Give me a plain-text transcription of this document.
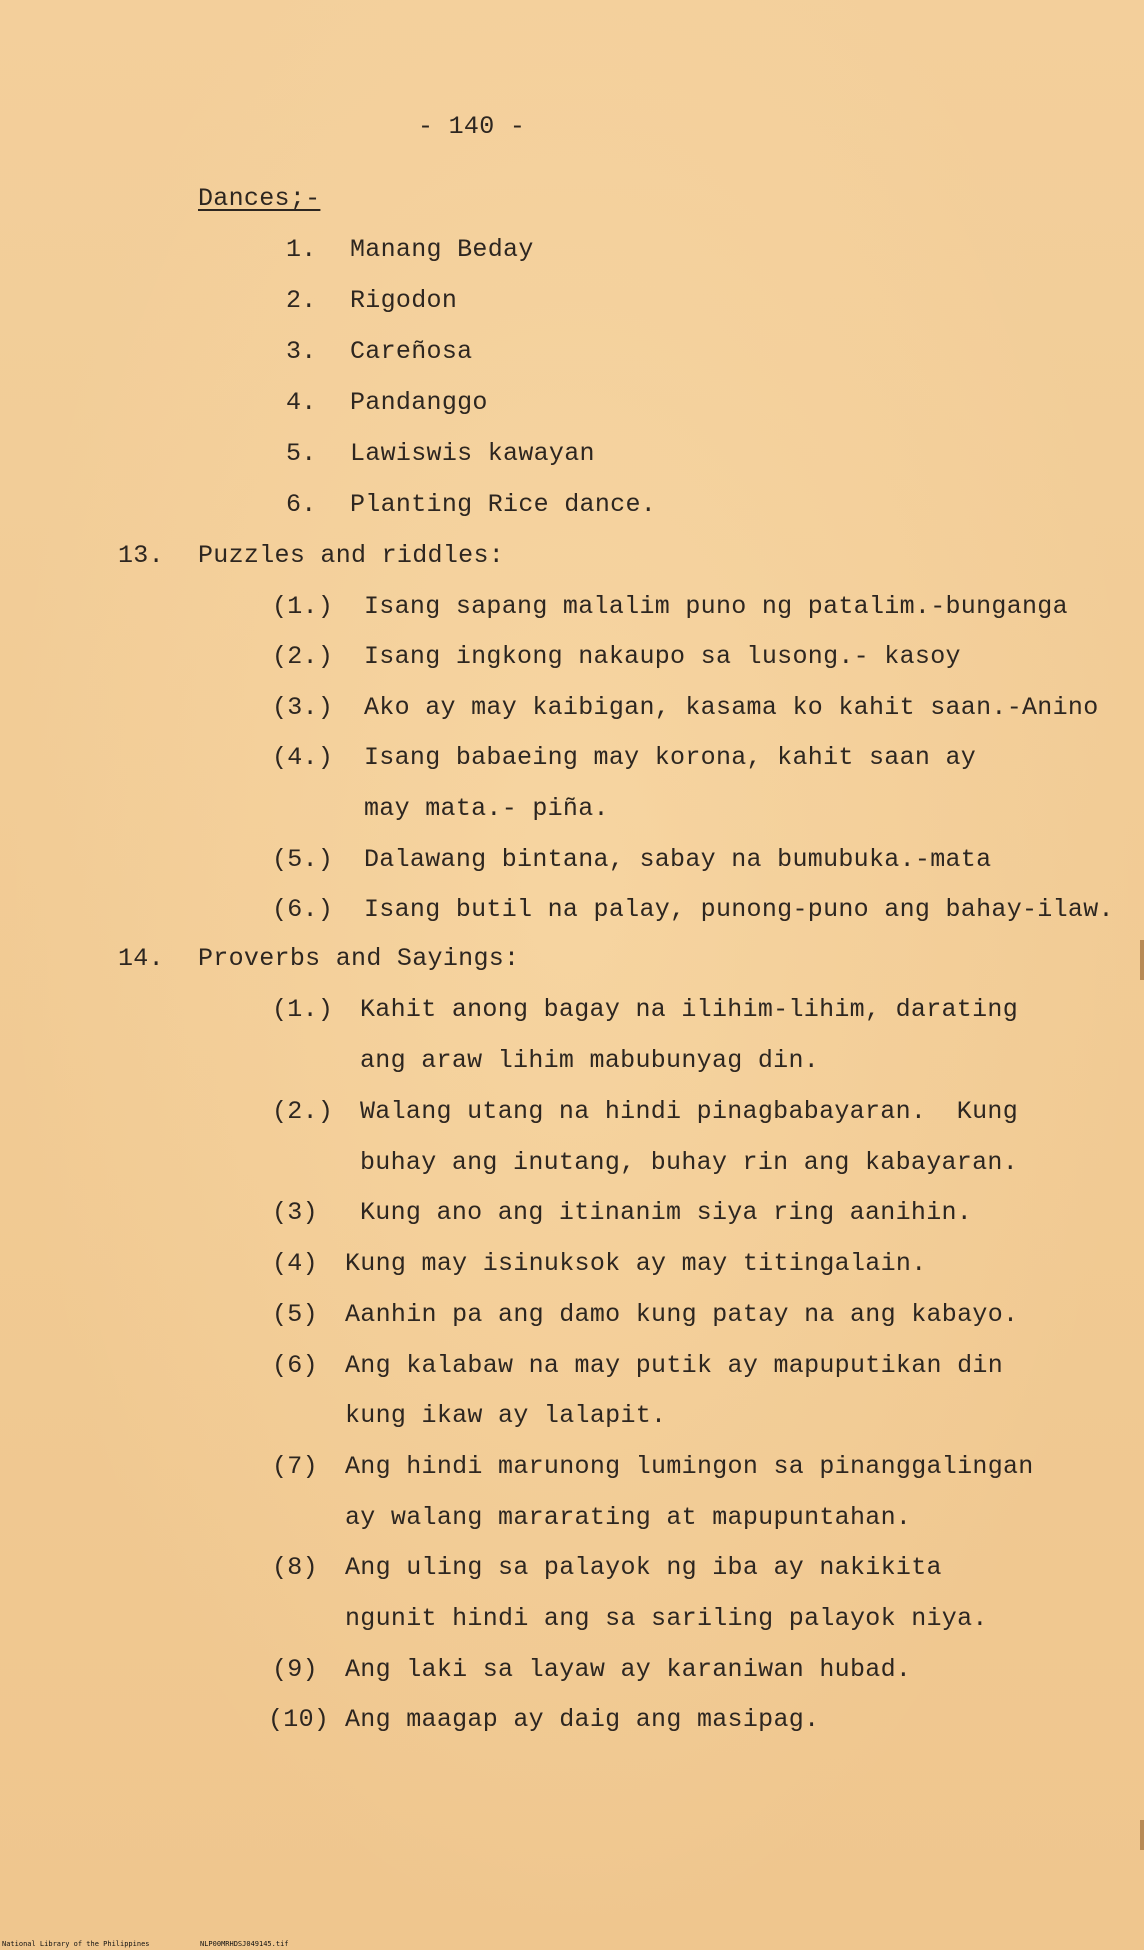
- 140 -
Dances;-
1. Manang Beday
2. Rigodon
3. Careñosa
4. Pandanggo
5. Lawiswis kawayan
6. Planting Rice dance.
13. Puzzles and riddles:
(1.) Isang sapang malalim puno ng patalim.-bunganga
(2.) Isang ingkong nakaupo sa lusong.- kasoy
(3.) Ako ay may kaibigan, kasama ko kahit saan.-Anino
(4.) Isang babaeing may korona, kahit saan ay
may mata.- piña.
(5.) Dalawang bintana, sabay na bumubuka.-mata
(6.) Isang butil na palay, punong-puno ang bahay-ilaw.
14. Proverbs and Sayings:
(1.) Kahit anong bagay na ilihim-lihim, darating
ang araw lihim mabubunyag din.
(2.) Walang utang na hindi pinagbabayaran.  Kung
buhay ang inutang, buhay rin ang kabayaran.
(3) Kung ano ang itinanim siya ring aanihin.
(4) Kung may isinuksok ay may titingalain.
(5) Aanhin pa ang damo kung patay na ang kabayo.
(6) Ang kalabaw na may putik ay mapuputikan din
kung ikaw ay lalapit.
(7) Ang hindi marunong lumingon sa pinanggalingan
ay walang mararating at mapupuntahan.
(8) Ang uling sa palayok ng iba ay nakikita
ngunit hindi ang sa sariling palayok niya.
(9) Ang laki sa layaw ay karaniwan hubad.
(10) Ang maagap ay daig ang masipag.
National Library of the Philippines	NLP00MRHDSJ049145.tif
